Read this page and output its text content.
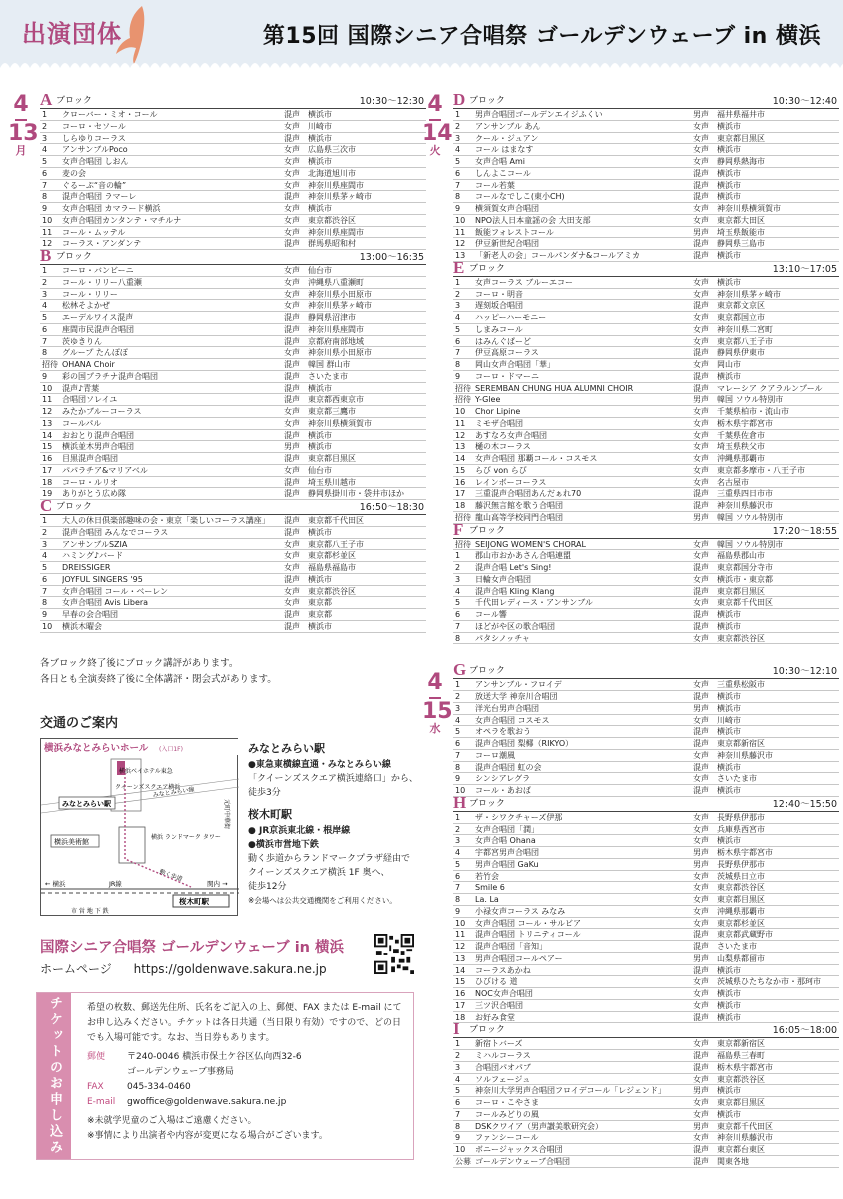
出演団体	第15回 国際シニア合唱祭 ゴールデンウェーブ in 横浜
4
13
月
A ブロック	10:30～12:30
1	クローバー・ミオ・コール	混声 横浜市
2	コーロ・セソール	女声 川崎市
3	しらゆりコーラス	混声 横浜市
4	アンサンブルPoco	女声 広島県三次市
5	女声合唱団 しおん	女声 横浜市
6	麦の会	女声 北海道旭川市
7	ぐるーぷ“音の輪”	女声 神奈川県座間市
8	混声合唱団 ラマーレ	混声 神奈川県茅ヶ崎市
9	女声合唱団 カマラード横浜	女声 横浜市
10	女声合唱団カンタンテ・マチルナ	女声 東京都渋谷区
11	コール・ムッテル	女声 神奈川県座間市
12	コーラス・アンダンテ	混声 群馬県昭和村
B ブロック	13:00～16:35
1	コーロ・バンビーニ	女声 仙台市
2	コール・リリー八重瀬	女声 沖縄県八重瀬町
3	コール・リリー	女声 神奈川県小田原市
4	松林そよかぜ	女声 神奈川県茅ヶ崎市
5	エーデルワイス混声	混声 静岡県沼津市
6	座間市民混声合唱団	混声 神奈川県座間市
7	茨ゆきりん	混声 京都府南部地域
8	グループ たんぽぽ	女声 神奈川県小田原市
招待 OHANA Choir	混声 韓国 群山市
9	彩の国プラチナ混声合唱団	混声 さいたま市
10	混声♪青葉	混声 横浜市
11	合唱団ソレイユ	混声 東京都西東京市
12	みたかブルーコーラス	女声 東京都三鷹市
13	コールパル	女声 神奈川県横須賀市
14	おおとり混声合唱団	混声 横浜市
15	横浜並木男声合唱団	男声 横浜市
16	目黒混声合唱団	混声 東京都目黒区
17	パパラチア&マリアベル	女声 仙台市
18	コーロ・ルリオ	混声 埼玉県川越市
19	ありがとう広め隊	混声 静岡県掛川市・袋井市ほか
C ブロック	16:50～18:30
1	大人の休日倶楽部趣味の会・東京「楽しいコーラス講座」	混声 東京都千代田区
2	混声合唱団 みんなでコーラス	混声 横浜市
3	アンサンブルSZIA	女声 東京都八王子市
4	ハミング♪バード	女声 東京都杉並区
5	DREISSIGER	女声 福島県福島市
6	JOYFUL SINGERS '95	混声 横浜市
7	女声合唱団 コール・ベーレン	女声 東京都渋谷区
8	女声合唱団 Avis Libera	女声 東京都
9	早春の会合唱団	混声 東京都
10	横浜木曜会	混声 横浜市
4
14
火
4
15
水
D ブロック	10:30～12:40
1	男声合唱団ゴールデンエイジふくい	男声 福井県福井市
2	アンサンブル あん	女声 横浜市
3	クール・ジュアン	女声 東京都目黒区
4	コール はまなす	女声 横浜市
5	女声合唱 Ami	女声 静岡県熱海市
6	しんよこコール	混声 横浜市
7	コール若葉	混声 横浜市
8	コールなでしこ(東小CH)	混声 横浜市
9	横須賀女声合唱団	女声 神奈川県横須賀市
10	NPO法人日本童謡の会 大田支部	女声 東京都大田区
11	飯能フォレストコール	男声 埼玉県飯能市
12	伊豆新世紀合唱団	混声 静岡県三島市
13	「新老人の会」コールパンダナ&コールアミカ	混声 横浜市
E ブロック	13:10～17:05
1	女声コーラス ブルーエコー	女声 横浜市
2	コーロ・明音	女声 神奈川県茅ヶ崎市
3	遅刻坂合唱団	混声 東京都文京区
4	ハッピーハーモニー	女声 東京都国立市
5	しまみコール	女声 神奈川県二宮町
6	はみんぐぱーど	女声 東京都八王子市
7	伊豆高原コーラス	混声 静岡県伊東市
8	岡山女声合唱団「華」	女声 岡山市
9	コーロ・ドマーニ	混声 横浜市
招待 SEREMBAN CHUNG HUA ALUMNI CHOIR	混声 マレーシア クアラルンプール
招待 Y-Glee	男声 韓国 ソウル特別市
10	Chor Lipine	女声 千葉県柏市・流山市
11	ミモザ合唱団	女声 栃木県宇都宮市
12	あすなろ女声合唱団	女声 千葉県佐倉市
13	樋の木コーラス	女声 埼玉県秩父市
14	女声合唱団 那覇コール・コスモス	女声 沖縄県那覇市
15	らび von らび	女声 東京都多摩市・八王子市
16	レインボーコーラス	女声 名古屋市
17	三重混声合唱団あんだぁれ70	混声 三重県四日市市
18	藤沢無言館を歌う合唱団	混声 神奈川県藤沢市
招待 龍山高等学校同門合唱団	男声 韓国 ソウル特別市
F ブロック	17:20～18:55
招待 SEIJONG WOMEN'S CHORAL	女声 韓国 ソウル特別市
1	郡山市おかあさん合唱連盟	女声 福島県郡山市
2	混声合唱 Let's Sing!	混声 東京都国分寺市
3	日輪女声合唱団	女声 横浜市・東京都
4	混声合唱 Kling Klang	混声 東京都目黒区
5	千代田レディース・アンサンブル	女声 東京都千代田区
6	コール響	混声 横浜市
7	ほどがや区の歌合唱団	混声 横浜市
8	パタシノッチャ	女声 東京都渋谷区
G ブロック	10:30～12:10
1	アンサンブル・フロイデ	女声 三重県松阪市
2	放送大学 神奈川合唱団	混声 横浜市
3	洋光台男声合唱団	男声 横浜市
4	女声合唱団 コスモス	女声 川崎市
5	オペラを歌おう	混声 横浜市
6	混声合唱団 梨椰（RIKYO）	混声 東京都新宿区
7	コーロ潮風	女声 神奈川県藤沢市
8	混声合唱団 虹の会	混声 横浜市
9	シンシアレグラ	女声 さいたま市
10	コール・あおば	混声 横浜市
H ブロック	12:40～15:50
1	ザ・シワクチャーズ伊那	女声 長野県伊那市
2	女声合唱団「潤」	女声 兵庫県西宮市
3	女声合唱 Ohana	女声 横浜市
4	宇都宮男声合唱団	男声 栃木県宇都宮市
5	男声合唱団 GaKu	男声 長野県伊那市
6	若竹会	女声 茨城県日立市
7	Smile 6	女声 東京都渋谷区
8	La. La	女声 東京都目黒区
9	小禄女声コーラス みなみ	女声 沖縄県那覇市
10	女声合唱団 コール・サルビア	女声 東京都杉並区
11	混声合唱団 トリニティコール	混声 東京都武蔵野市
12	混声合唱団「音知」	混声 さいたま市
13	男声合唱団コールペアー	男声 山梨県都留市
14	コーラスあかね	混声 横浜市
15	ひびける 道	女声 茨城県ひたちなか市・那珂市
16	NOC女声合唱団	女声 横浜市
17	三ツ沢合唱団	女声 横浜市
18	お好み食堂	混声 横浜市
I ブロック	16:05～18:00
1	新宿トバーズ	女声 東京都新宿区
2	ミハルコーラス	混声 福島県三春町
3	合唱団パオパブ	混声 栃木県宇都宮市
4	ソルフェージュ	女声 東京都渋谷区
5	神奈川大学男声合唱団フロイデコール「レジェンド」	男声 横浜市
6	コーロ・こやさま	女声 東京都目黒区
7	コールみどりの風	女声 横浜市
8	DSKクワイア（男声讃美歌研究会）	男声 東京都千代田区
9	ファンシーコール	女声 神奈川県藤沢市
10	ボニージャックス合唱団	混声 東京都台東区
公募 ゴールデンウェーブ合唱団	混声 関東各地
各ブロック終了後にブロック講評があります。
各日とも全演奏終了後に全体講評・閉会式があります。
交通のご案内
横浜みなとみらいホール (入口1F)
横浜ベイホテル東急
クイーンズスクエア横浜
みなとみらい線
みなとみらい駅
横浜美術館
横浜 ランドマーク タワー
動く歩道
元町中華街
← 横浜	JR線	関内 →
桜木町駅
市 営 地 下 鉄
みなとみらい駅
●東急東横線直通・みなとみらい線
「クイーンズスクエア横浜連絡口」から、
徒歩3分
桜木町駅
● JR京浜東北線・根岸線
●横浜市営地下鉄
動く歩道からランドマークプラザ経由で
クイーンズスクエア横浜 1F 奥へ、
徒歩12分
※会場へは公共交通機関をご利用ください。
国際シニア合唱祭 ゴールデンウェーブ in 横浜
ホームページ https://goldenwave.sakura.ne.jp
チケットのお申し込み	希望の枚数、郵送先住所、氏名をご記入の上、郵便、FAX または E-mail にてお申し込みください。チケットは各日共通（当日限り有効）ですので、どの日でも入場可能です。なお、当日券もあります。
郵便 〒240-0046 横浜市保土ケ谷区仏向西32-6
ゴールデンウェーブ事務局
FAX	045-334-0460
E-mail gwoffice@goldenwave.sakura.ne.jp
※未就学児童のご入場はご遠慮ください。
※事情により出演者や内容が変更になる場合がございます。
